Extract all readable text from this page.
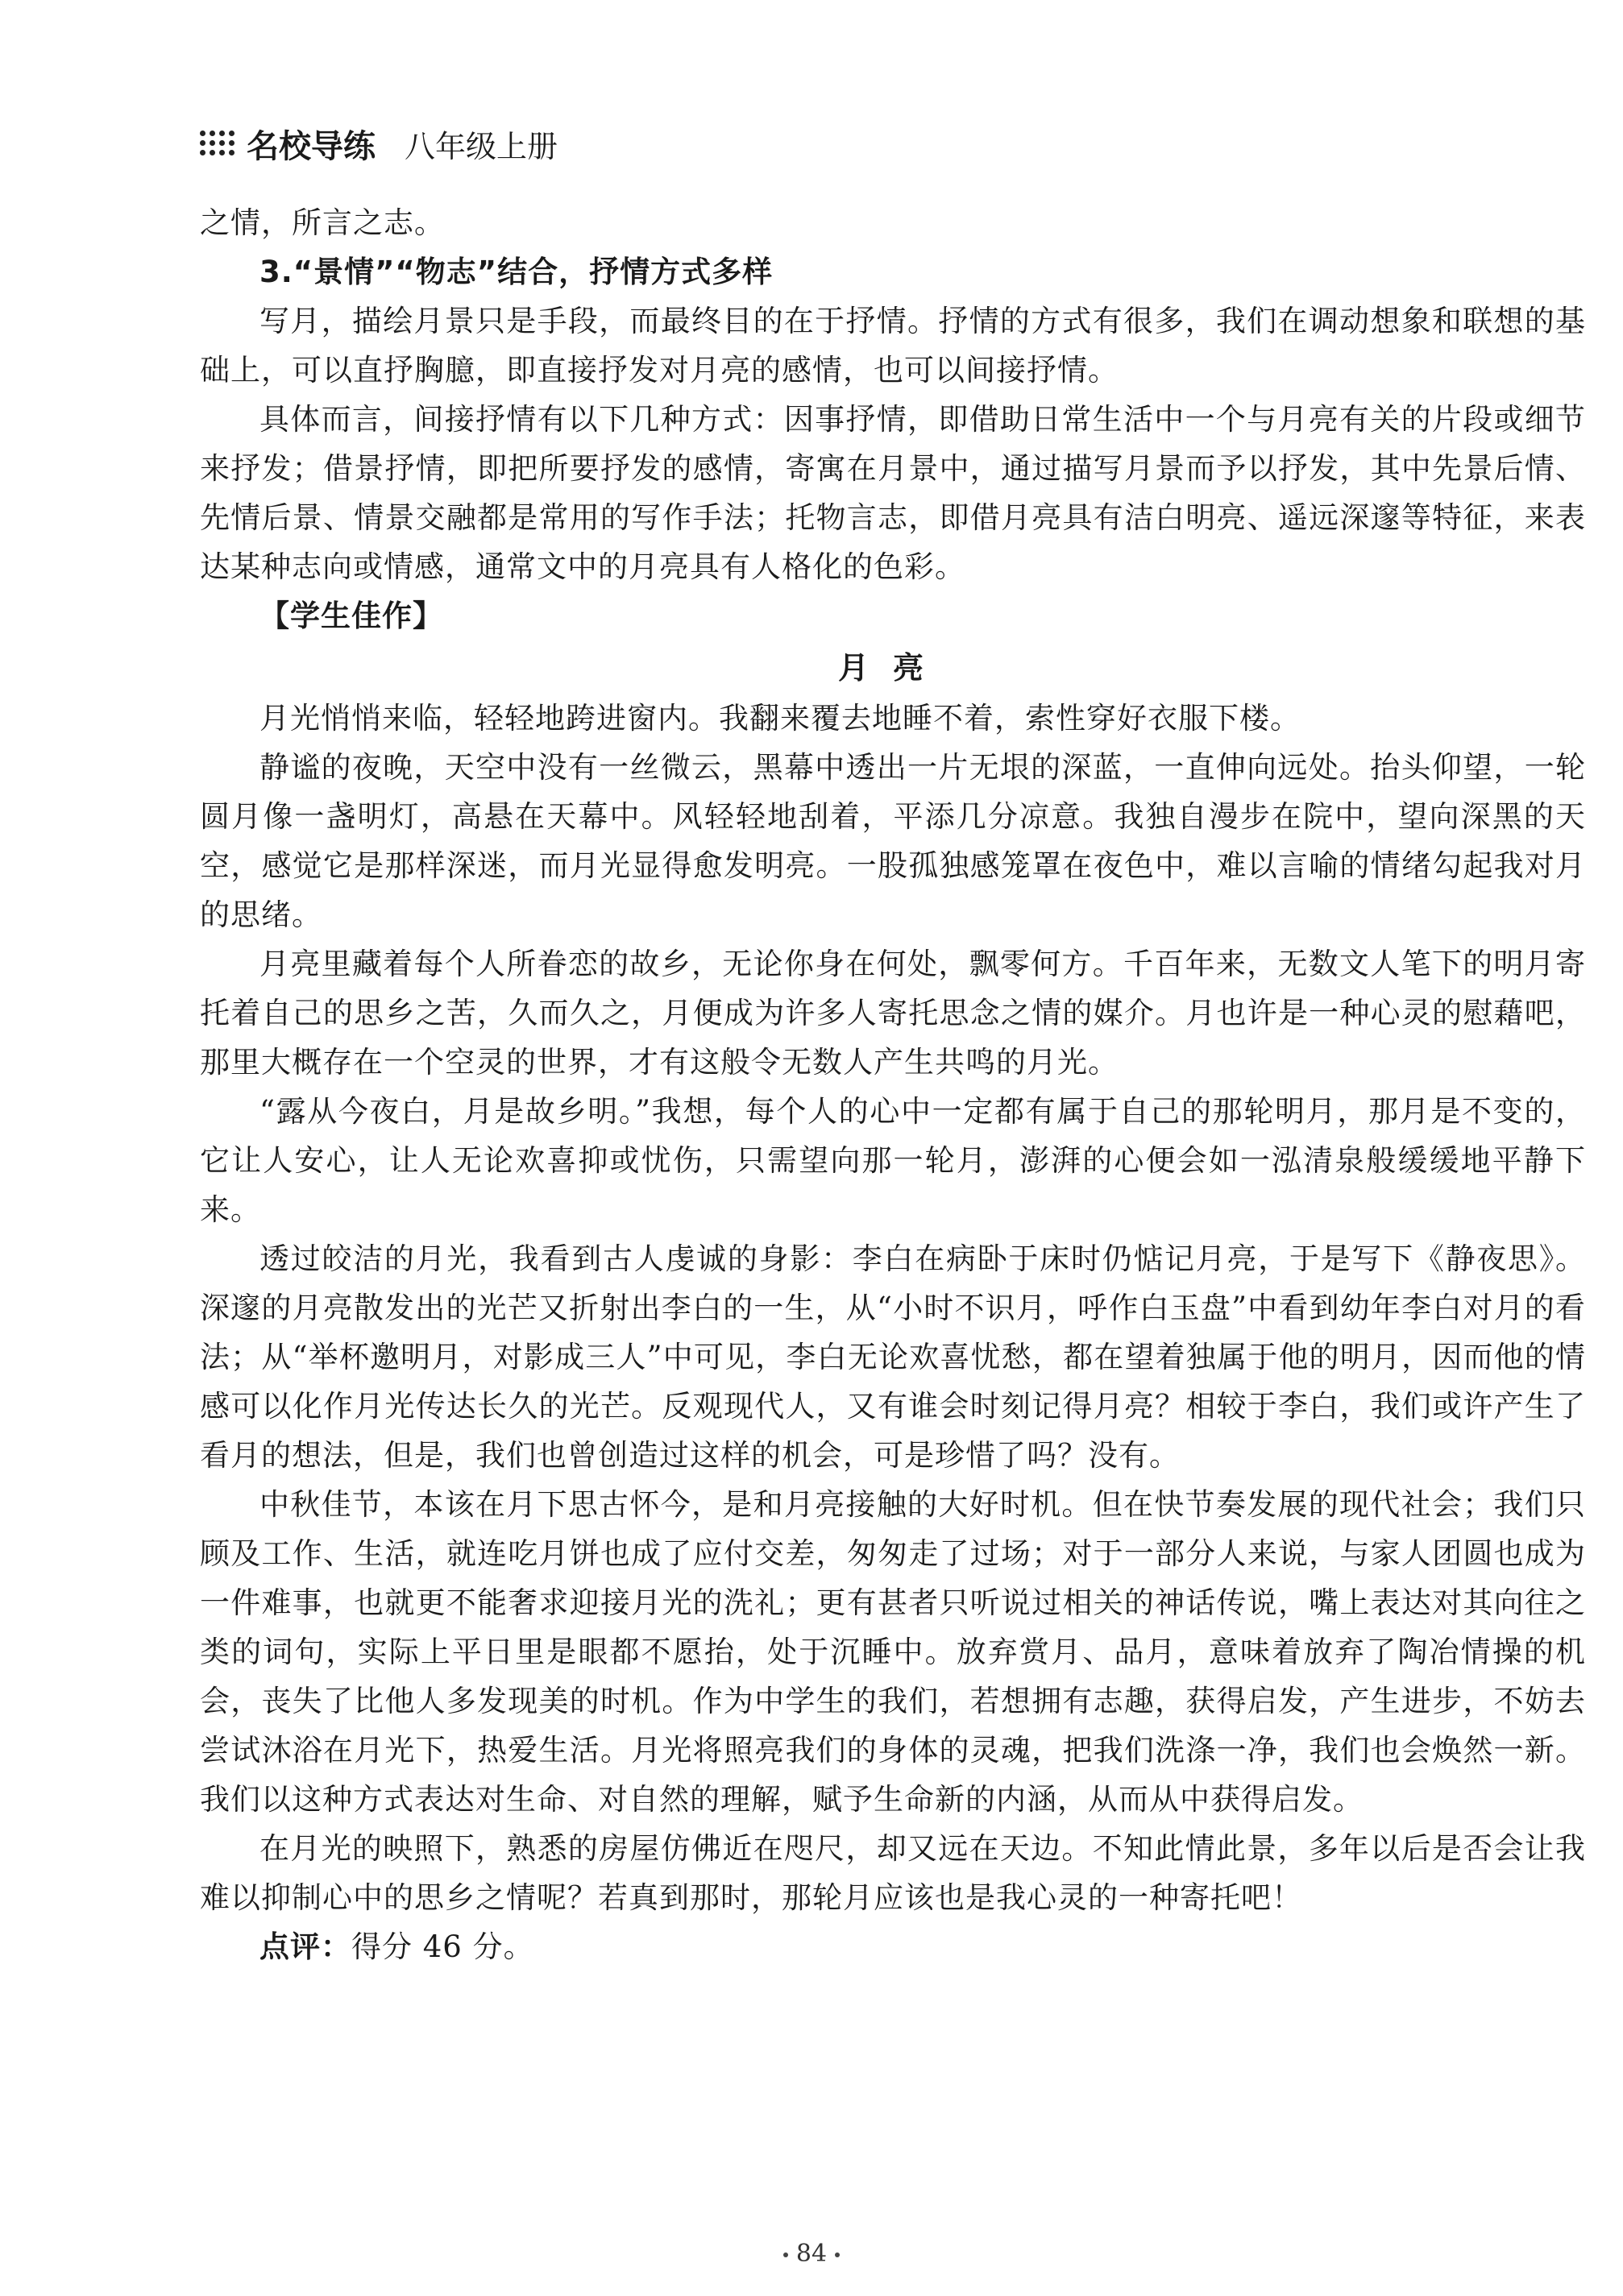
名校导练 八年级上册

之情，所言之志。

3.“景情”“物志”结合，抒情方式多样

写月，描绘月景只是手段，而最终目的在于抒情。抒情的方式有很多，我们在调动想象和联想的基础上，可以直抒胸臆，即直接抒发对月亮的感情，也可以间接抒情。

具体而言，间接抒情有以下几种方式：因事抒情，即借助日常生活中一个与月亮有关的片段或细节来抒发；借景抒情，即把所要抒发的感情，寄寓在月景中，通过描写月景而予以抒发，其中先景后情、先情后景、情景交融都是常用的写作手法；托物言志，即借月亮具有洁白明亮、遥远深邃等特征，来表达某种志向或情感，通常文中的月亮具有人格化的色彩。

【学生佳作】

月亮

月光悄悄来临，轻轻地跨进窗内。我翻来覆去地睡不着，索性穿好衣服下楼。

静谧的夜晚，天空中没有一丝微云，黑幕中透出一片无垠的深蓝，一直伸向远处。抬头仰望，一轮圆月像一盏明灯，高悬在天幕中。风轻轻地刮着，平添几分凉意。我独自漫步在院中，望向深黑的天空，感觉它是那样深迷，而月光显得愈发明亮。一股孤独感笼罩在夜色中，难以言喻的情绪勾起我对月的思绪。

月亮里藏着每个人所眷恋的故乡，无论你身在何处，飘零何方。千百年来，无数文人笔下的明月寄托着自己的思乡之苦，久而久之，月便成为许多人寄托思念之情的媒介。月也许是一种心灵的慰藉吧，那里大概存在一个空灵的世界，才有这般令无数人产生共鸣的月光。

“露从今夜白，月是故乡明。”我想，每个人的心中一定都有属于自己的那轮明月，那月是不变的，它让人安心，让人无论欢喜抑或忧伤，只需望向那一轮月，澎湃的心便会如一泓清泉般缓缓地平静下来。

透过皎洁的月光，我看到古人虔诚的身影：李白在病卧于床时仍惦记月亮，于是写下《静夜思》。深邃的月亮散发出的光芒又折射出李白的一生，从“小时不识月，呼作白玉盘”中看到幼年李白对月的看法；从“举杯邀明月，对影成三人”中可见，李白无论欢喜忧愁，都在望着独属于他的明月，因而他的情感可以化作月光传达长久的光芒。反观现代人，又有谁会时刻记得月亮？相较于李白，我们或许产生了看月的想法，但是，我们也曾创造过这样的机会，可是珍惜了吗？没有。

中秋佳节，本该在月下思古怀今，是和月亮接触的大好时机。但在快节奏发展的现代社会；我们只顾及工作、生活，就连吃月饼也成了应付交差，匆匆走了过场；对于一部分人来说，与家人团圆也成为一件难事，也就更不能奢求迎接月光的洗礼；更有甚者只听说过相关的神话传说，嘴上表达对其向往之类的词句，实际上平日里是眼都不愿抬，处于沉睡中。放弃赏月、品月，意味着放弃了陶冶情操的机会，丧失了比他人多发现美的时机。作为中学生的我们，若想拥有志趣，获得启发，产生进步，不妨去尝试沐浴在月光下，热爱生活。月光将照亮我们的身体的灵魂，把我们洗涤一净，我们也会焕然一新。我们以这种方式表达对生命、对自然的理解，赋予生命新的内涵，从而从中获得启发。

在月光的映照下，熟悉的房屋仿佛近在咫尺，却又远在天边。不知此情此景，多年以后是否会让我难以抑制心中的思乡之情呢？若真到那时，那轮月应该也是我心灵的一种寄托吧！

点评：得分 46 分。

84
